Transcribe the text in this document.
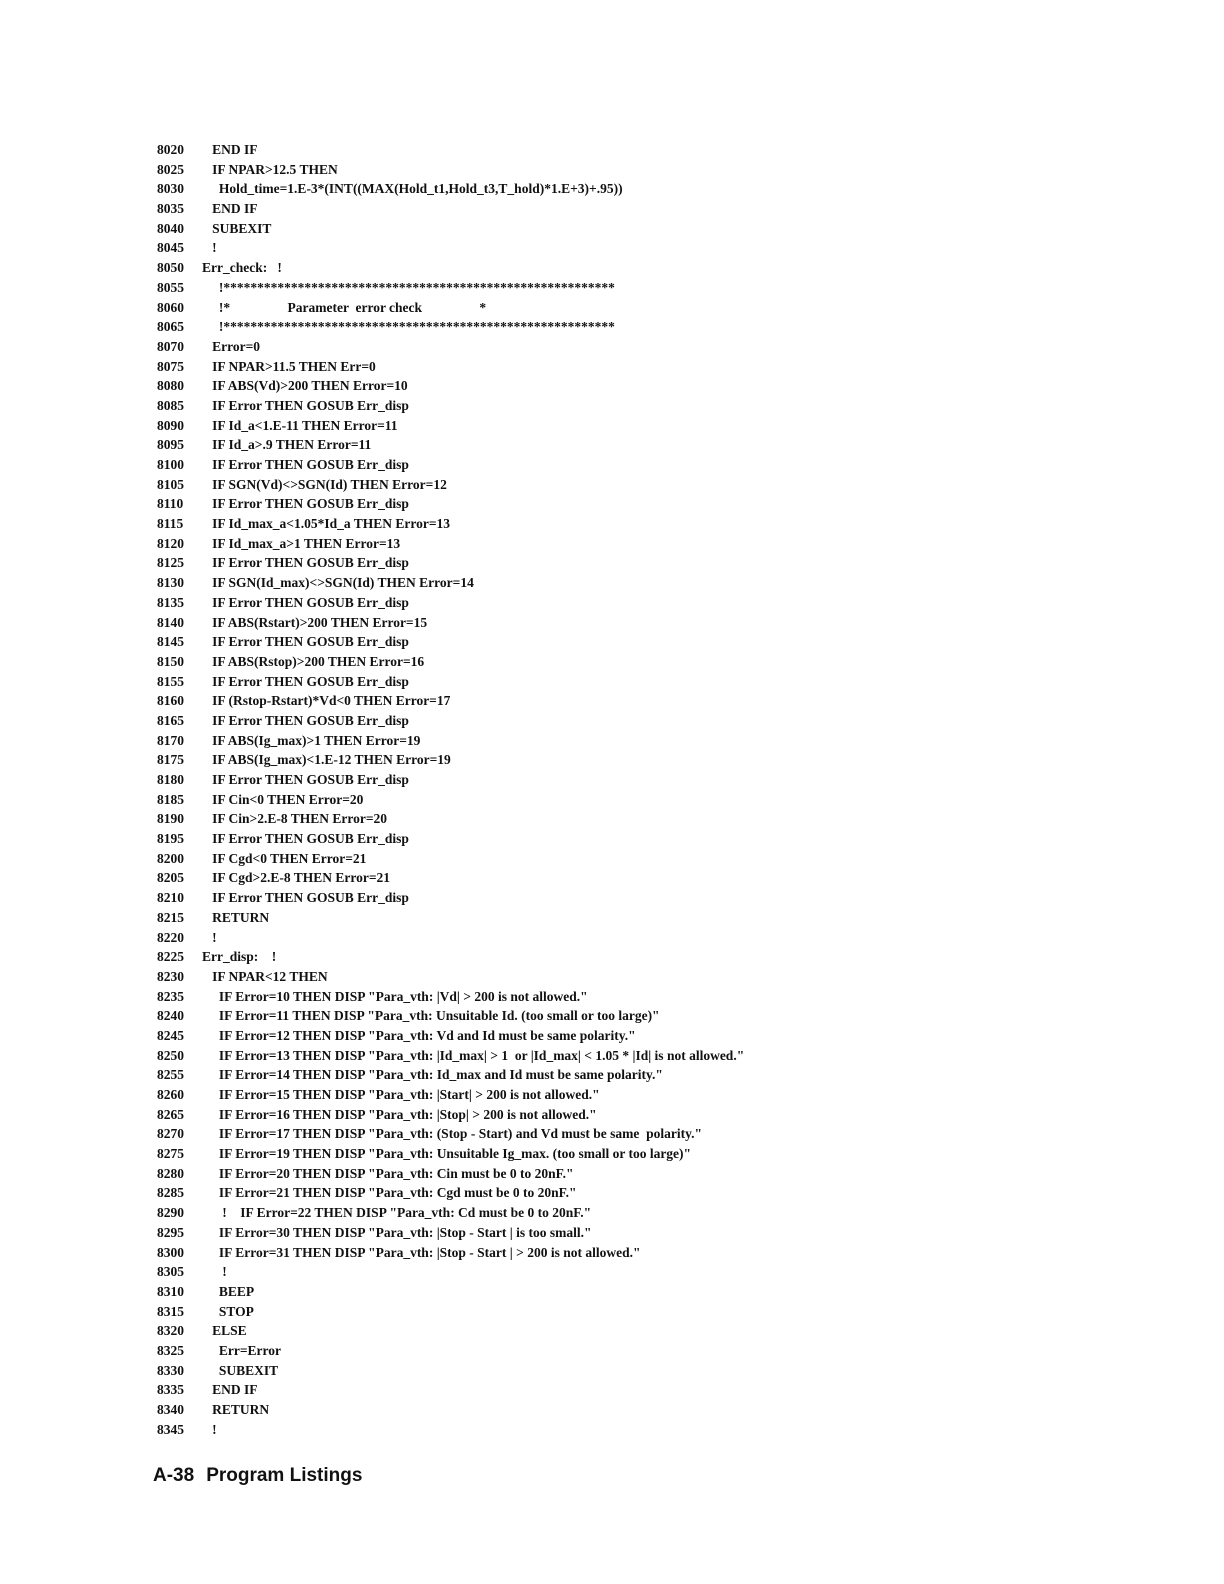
8020	END IF
8025	IF NPAR>12.5 THEN
8030	Hold_time=1.E-3*(INT((MAX(Hold_t1,Hold_t3,T_hold)*1.E+3)+.95))
8035	END IF
8040	SUBEXIT
8045	!
8050	Err_check:   !
8055	!**********************************************************
8060	!*                 Parameter  error check                 *
8065	!**********************************************************
8070	Error=0
8075	IF NPAR>11.5 THEN Err=0
8080	IF ABS(Vd)>200 THEN Error=10
8085	IF Error THEN GOSUB Err_disp
8090	IF Id_a<1.E-11 THEN Error=11
8095	IF Id_a>.9 THEN Error=11
8100	IF Error THEN GOSUB Err_disp
8105	IF SGN(Vd)<>SGN(Id) THEN Error=12
8110	IF Error THEN GOSUB Err_disp
8115	IF Id_max_a<1.05*Id_a THEN Error=13
8120	IF Id_max_a>1 THEN Error=13
8125	IF Error THEN GOSUB Err_disp
8130	IF SGN(Id_max)<>SGN(Id) THEN Error=14
8135	IF Error THEN GOSUB Err_disp
8140	IF ABS(Rstart)>200 THEN Error=15
8145	IF Error THEN GOSUB Err_disp
8150	IF ABS(Rstop)>200 THEN Error=16
8155	IF Error THEN GOSUB Err_disp
8160	IF (Rstop-Rstart)*Vd<0 THEN Error=17
8165	IF Error THEN GOSUB Err_disp
8170	IF ABS(Ig_max)>1 THEN Error=19
8175	IF ABS(Ig_max)<1.E-12 THEN Error=19
8180	IF Error THEN GOSUB Err_disp
8185	IF Cin<0 THEN Error=20
8190	IF Cin>2.E-8 THEN Error=20
8195	IF Error THEN GOSUB Err_disp
8200	IF Cgd<0 THEN Error=21
8205	IF Cgd>2.E-8 THEN Error=21
8210	IF Error THEN GOSUB Err_disp
8215	RETURN
8220	!
8225	Err_disp:    !
8230	IF NPAR<12 THEN
8235	IF Error=10 THEN DISP "Para_vth: |Vd| > 200 is not allowed."
8240	IF Error=11 THEN DISP "Para_vth: Unsuitable Id. (too small or too large)"
8245	IF Error=12 THEN DISP "Para_vth: Vd and Id must be same polarity."
8250	IF Error=13 THEN DISP "Para_vth: |Id_max| > 1  or |Id_max| < 1.05 * |Id| is not allowed."
8255	IF Error=14 THEN DISP "Para_vth: Id_max and Id must be same polarity."
8260	IF Error=15 THEN DISP "Para_vth: |Start| > 200 is not allowed."
8265	IF Error=16 THEN DISP "Para_vth: |Stop| > 200 is not allowed."
8270	IF Error=17 THEN DISP "Para_vth: (Stop - Start) and Vd must be same  polarity."
8275	IF Error=19 THEN DISP "Para_vth: Unsuitable Ig_max. (too small or too large)"
8280	IF Error=20 THEN DISP "Para_vth: Cin must be 0 to 20nF."
8285	IF Error=21 THEN DISP "Para_vth: Cgd must be 0 to 20nF."
8290	!    IF Error=22 THEN DISP "Para_vth: Cd must be 0 to 20nF."
8295	IF Error=30 THEN DISP "Para_vth: |Stop - Start | is too small."
8300	IF Error=31 THEN DISP "Para_vth: |Stop - Start | > 200 is not allowed."
8305	!
8310	BEEP
8315	STOP
8320	ELSE
8325	Err=Error
8330	SUBEXIT
8335	END IF
8340	RETURN
8345	!
A-38 Program Listings
